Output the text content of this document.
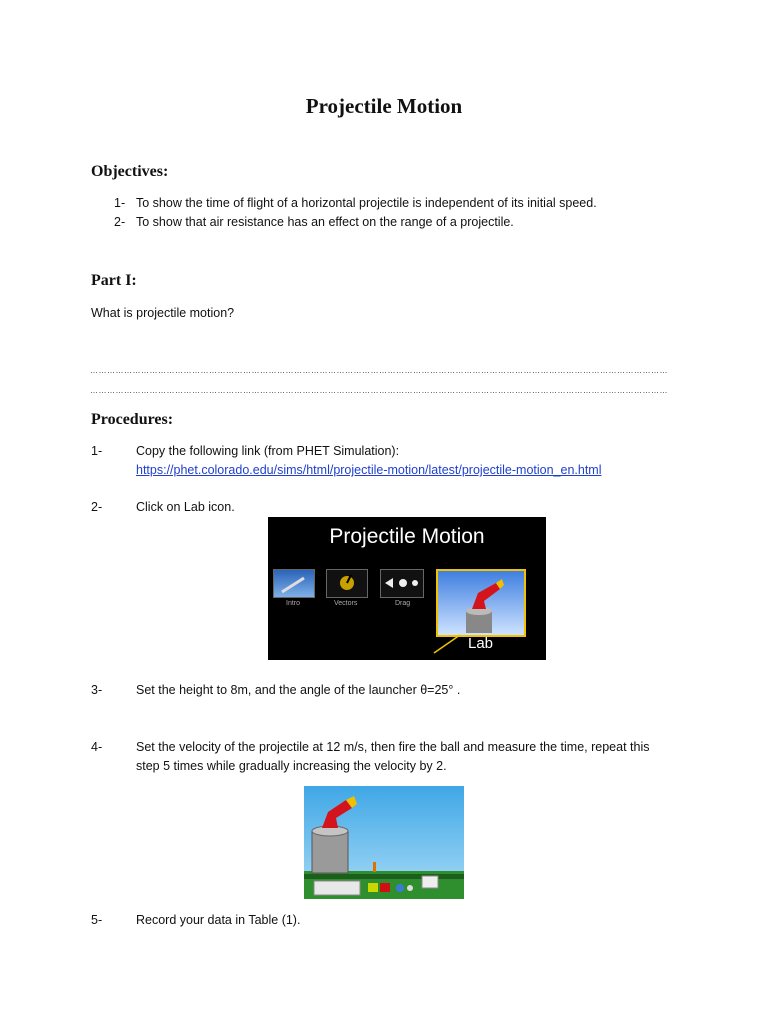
Projectile Motion
Objectives:
1- To show the time of flight of a horizontal projectile is independent of its initial speed.
2- To show that air resistance has an effect on the range of a projectile.
Part I:
What is projectile motion?
……………………………………………………………………………………………………………………………………………………………………………………
……………………………………………………………………………………………………………………………………………………………………………………
Procedures:
1-	Copy the following link (from PHET Simulation):
https://phet.colorado.edu/sims/html/projectile-motion/latest/projectile-motion_en.html
2-	Click on Lab icon.
Projectile Motion
Intro	Vectors	Drag
Lab
3-	Set the height to 8m, and the angle of the launcher θ=25° .
4-	Set the velocity of the projectile at 12 m/s, then fire the ball and measure the time, repeat this
step 5 times while gradually increasing the velocity by 2.
5-	Record your data in Table (1).
